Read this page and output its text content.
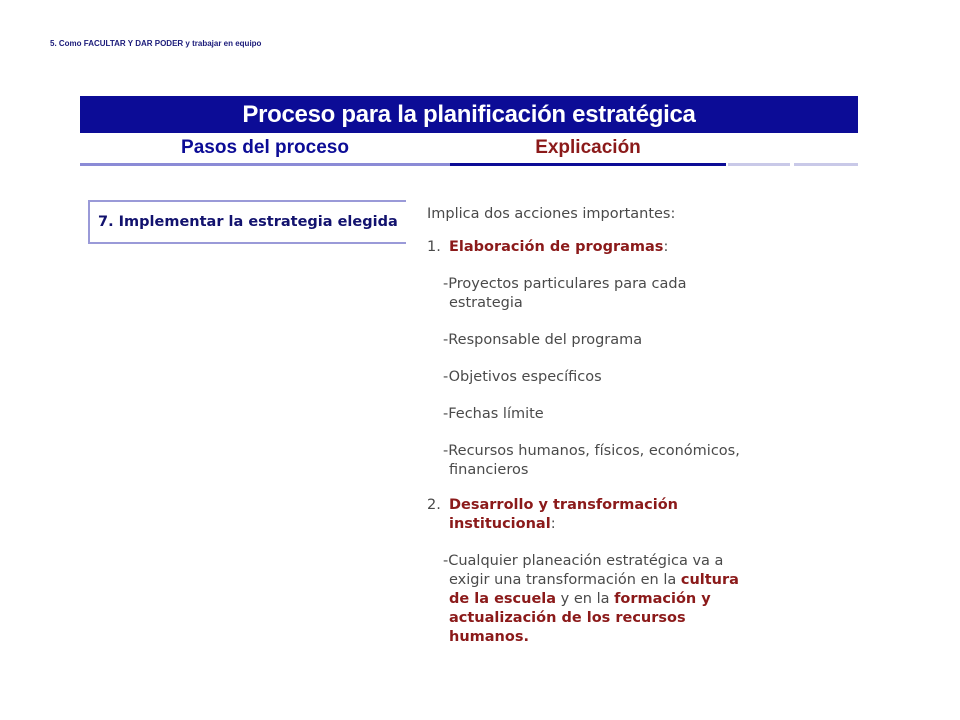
5. Como FACULTAR Y DAR PODER y trabajar en equipo
Proceso para la planificación estratégica
Pasos del proceso	Explicación
7. Implementar la estrategia elegida	Implica dos acciones importantes:
1. Elaboración de programas:
-Proyectos particulares para cada
estrategia
-Responsable del programa
-Objetivos específicos
-Fechas límite
-Recursos humanos, físicos, económicos,
financieros
2. Desarrollo y transformación
institucional:
-Cualquier planeación estratégica va a
exigir una transformación en la cultura
de la escuela y en la formación y
actualización de los recursos
humanos.
